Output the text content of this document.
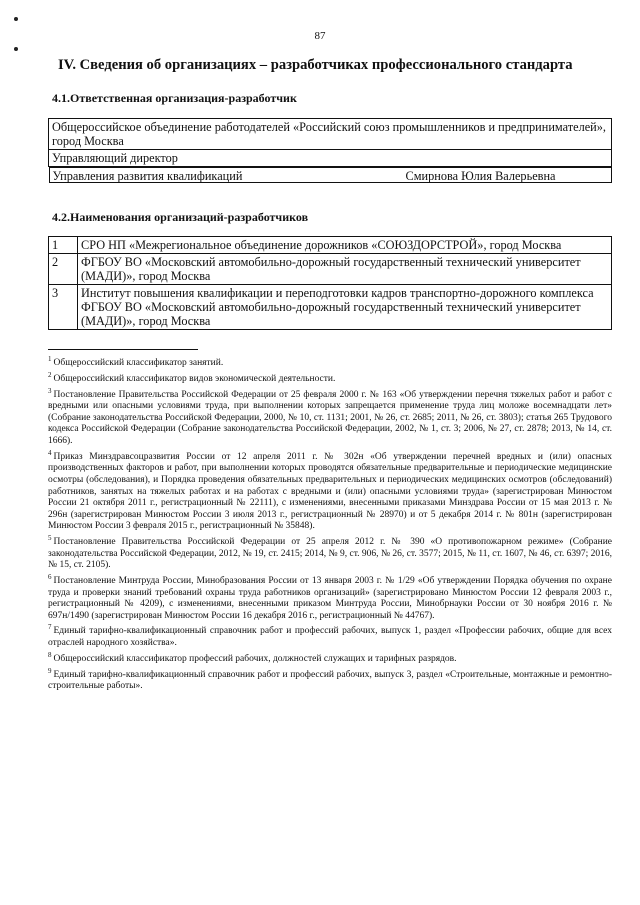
87
IV. Сведения об организациях – разработчиках профессионального стандарта
4.1.Ответственная организация-разработчик
Общероссийское объединение работодателей «Российский союз промышленников и предпринимателей», город Москва
Управляющий директор

Управления развития квалификаций	Смирнова Юлия Валерьевна
4.2.Наименования организаций-разработчиков
1	СРО НП «Межрегиональное объединение дорожников «СОЮЗДОРСТРОЙ», город Москва
2	ФГБОУ ВО «Московский автомобильно-дорожный государственный технический университет (МАДИ)», город Москва
3	Институт повышения квалификации и переподготовки кадров транспортно-дорожного комплекса ФГБОУ ВО «Московский автомобильно-дорожный государственный технический университет (МАДИ)», город Москва

$^1$ Общероссийский классификатор занятий.

$^2$ Общероссийский классификатор видов экономической деятельности.

$^3$ Постановление Правительства Российской Федерации от 25 февраля 2000 г. № 163 «Об утверждении перечня тяжелых работ и работ с вредными или опасными условиями труда, при выполнении которых запрещается применение труда лиц моложе восемнадцати лет» (Собрание законодательства Российской Федерации, 2000, № 10, ст. 1131; 2001, № 26, ст. 2685; 2011, № 26, ст. 3803); статья 265 Трудового кодекса Российской Федерации (Собрание законодательства Российской Федерации, 2002, № 1, ст. 3; 2006, № 27, ст. 2878; 2013, № 14, ст. 1666).

$^4$ Приказ Минздравсоцразвития России от 12 апреля 2011 г. № 302н «Об утверждении перечней вредных и (или) опасных производственных факторов и работ, при выполнении которых проводятся обязательные предварительные и периодические медицинские осмотры (обследования), и Порядка проведения обязательных предварительных и периодических медицинских осмотров (обследований) работников, занятых на тяжелых работах и на работах с вредными и (или) опасными условиями труда» (зарегистрирован Минюстом России 21 октября 2011 г., регистрационный № 22111), с изменениями, внесенными приказами Минздрава России от 15 мая 2013 г. № 296н (зарегистрирован Минюстом России 3 июля 2013 г., регистрационный № 28970) и от 5 декабря 2014 г. № 801н (зарегистрирован Минюстом России 3 февраля 2015 г., регистрационный № 35848).

$^5$ Постановление Правительства Российской Федерации от 25 апреля 2012 г. № 390 «О противопожарном режиме» (Собрание законодательства Российской Федерации, 2012, № 19, ст. 2415; 2014, № 9, ст. 906, № 26, ст. 3577; 2015, № 11, ст. 1607, № 46, ст. 6397; 2016, № 15, ст. 2105).

$^6$ Постановление Минтруда России, Минобразования России от 13 января 2003 г. № 1/29 «Об утверждении Порядка обучения по охране труда и проверки знаний требований охраны труда работников организаций» (зарегистрировано Минюстом России 12 февраля 2003 г., регистрационный № 4209), с изменениями, внесенными приказом Минтруда России, Минобрнауки России от 30 ноября 2016 г. № 697н/1490 (зарегистрирован Минюстом России 16 декабря 2016 г., регистрационный № 44767).

$^7$ Единый тарифно-квалификационный справочник работ и профессий рабочих, выпуск 1, раздел «Профессии рабочих, общие для всех отраслей народного хозяйства».

$^8$ Общероссийский классификатор профессий рабочих, должностей служащих и тарифных разрядов.

$^9$ Единый тарифно-квалификационный справочник работ и профессий рабочих, выпуск 3, раздел «Строительные, монтажные и ремонтно-строительные работы».
